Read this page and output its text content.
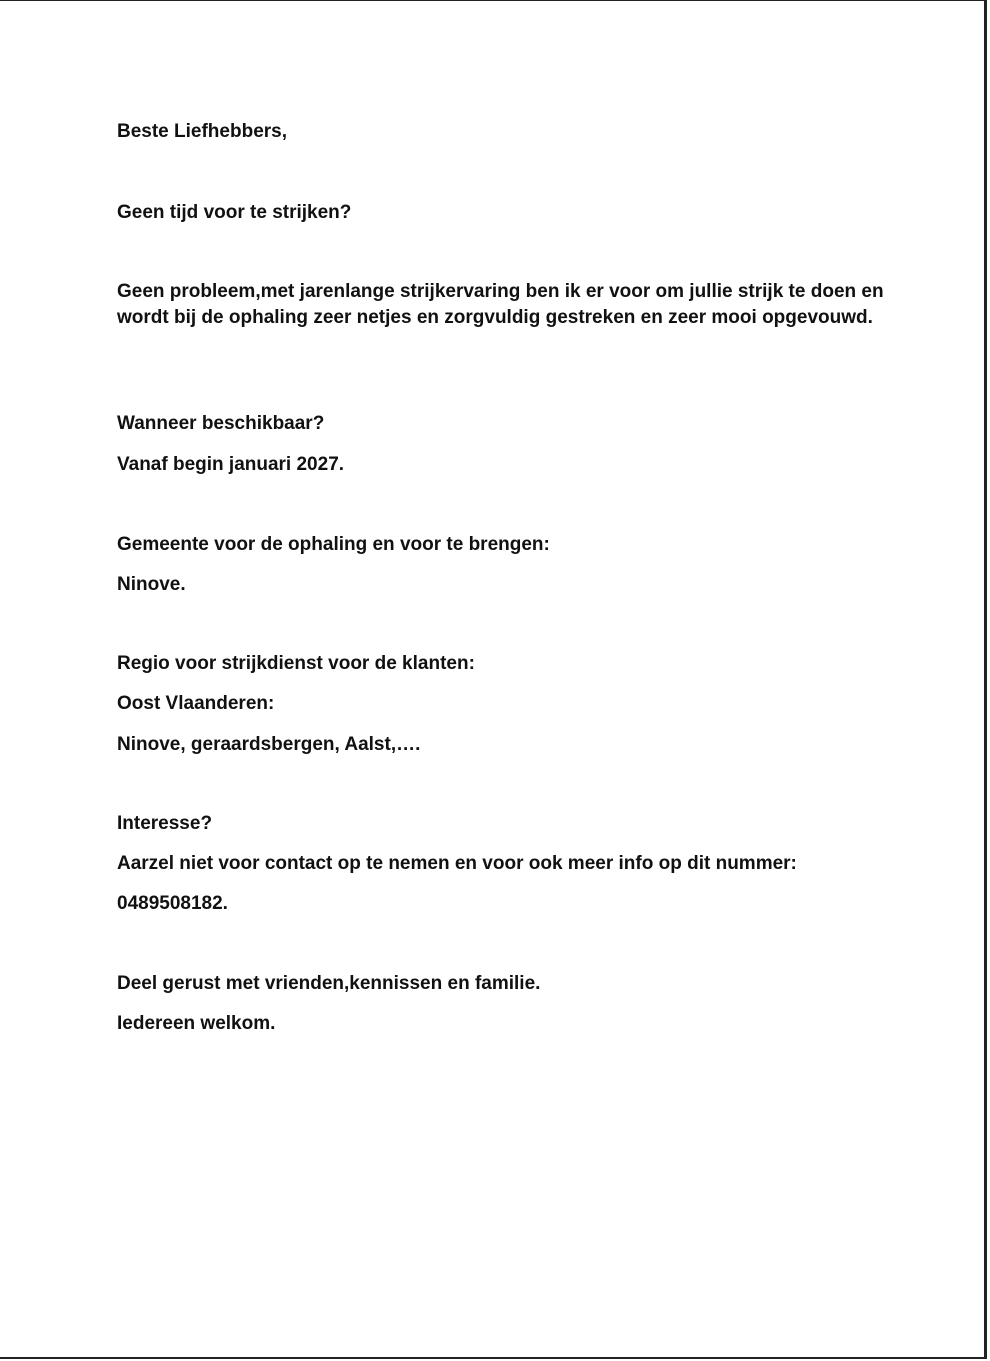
Beste Liefhebbers,

Geen tijd voor te strijken?

Geen probleem,met jarenlange strijkervaring ben ik er voor om jullie strijk te doen en wordt bij de ophaling zeer netjes en zorgvuldig gestreken en zeer mooi opgevouwd.

Wanneer beschikbaar?

Vanaf begin januari 2027.

Gemeente voor de ophaling en voor te brengen:

Ninove.

Regio voor strijkdienst voor de klanten:

Oost Vlaanderen:

Ninove, geraardsbergen, Aalst,….

Interesse?

Aarzel niet voor contact op te nemen en voor ook meer info op dit nummer:

0489508182.

Deel gerust met vrienden,kennissen en familie.

Iedereen welkom.
